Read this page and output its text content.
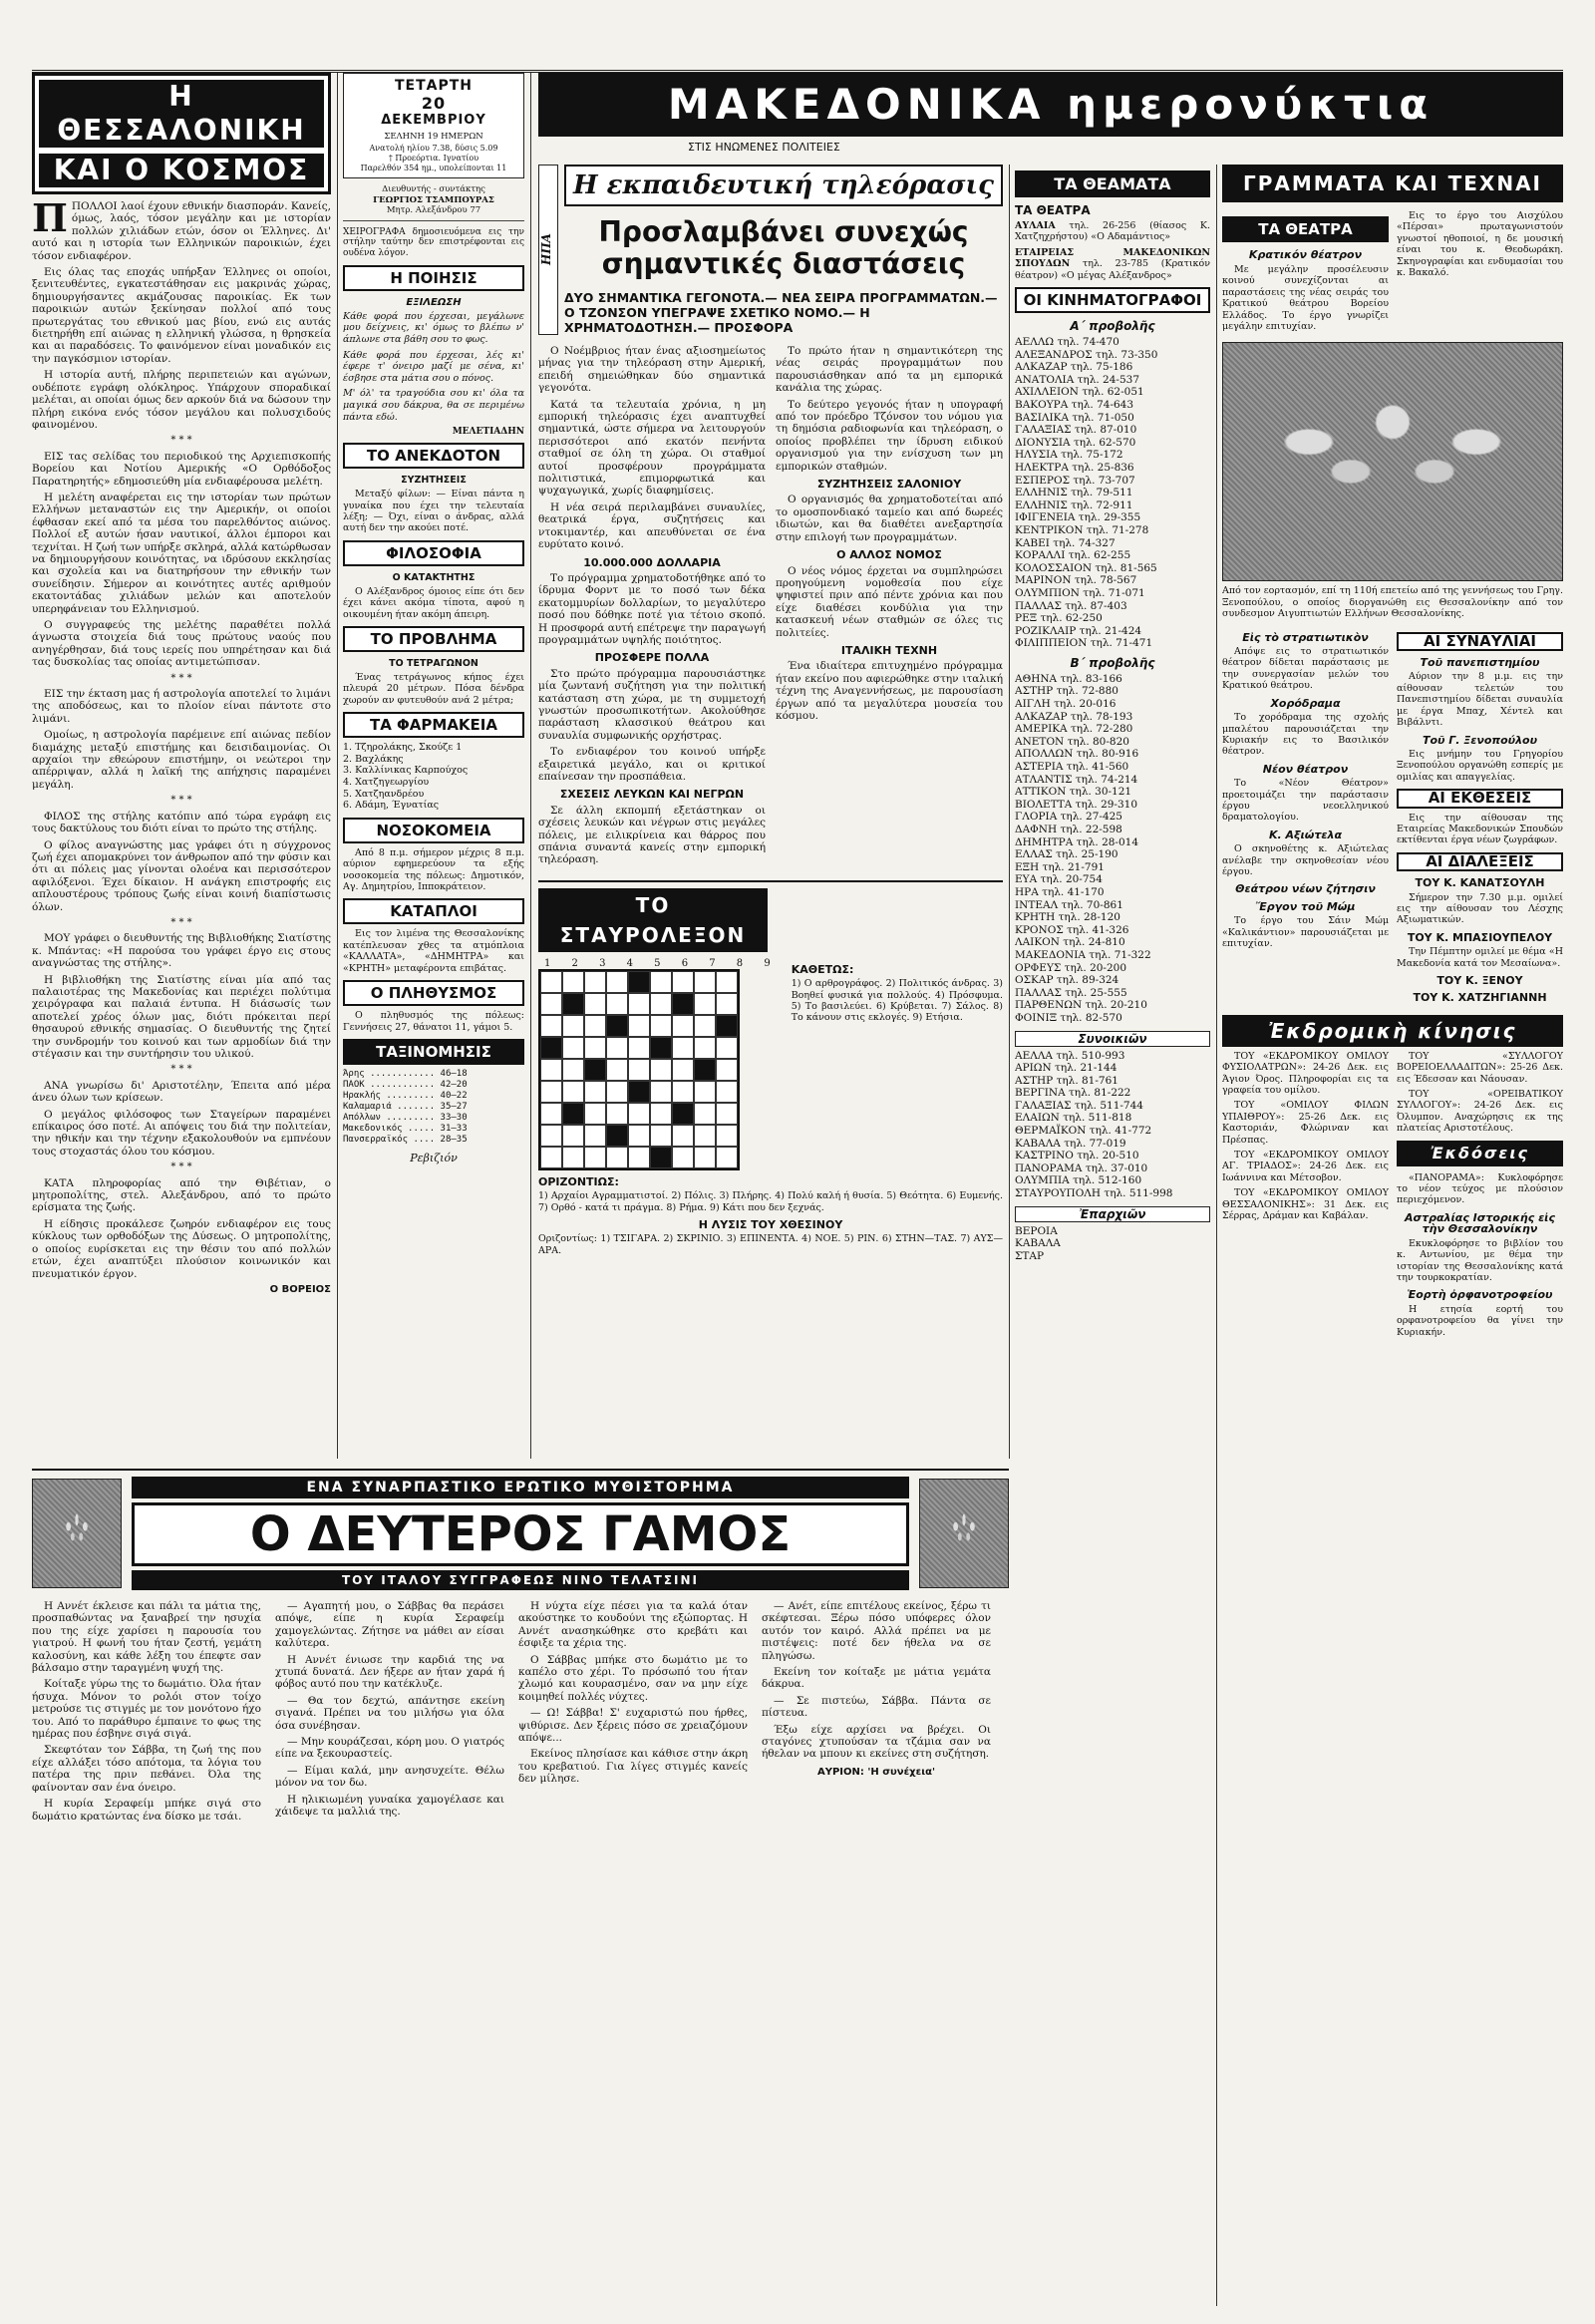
Η ΘΕΣΣΑΛΟΝΙΚΗ
ΚΑΙ Ο ΚΟΣΜΟΣ

ΠΠΟΛΛΟΙ λαοί έχουν εθνικήν διασποράν. Κανείς, όμως, λαός, τόσον μεγάλην και με ιστορίαν πολλών χιλιάδων ετών, όσον οι Έλληνες. Δι' αυτό και η ιστορία των Ελληνικών παροικιών, έχει τόσον ενδιαφέρον.

Εις όλας τας εποχάς υπήρξαν Έλληνες οι οποίοι, ξενιτευθέντες, εγκατεστάθησαν εις μακρινάς χώρας, δημιουργήσαντες ακμάζουσας παροικίας. Εκ των παροικιών αυτών ξεκίνησαν πολλοί από τους πρωτεργάτας του εθνικού μας βίου, ενώ εις αυτάς διετηρήθη επί αιώνας η ελληνική γλώσσα, η θρησκεία και αι παραδόσεις. Το φαινόμενον είναι μοναδικόν εις την παγκόσμιον ιστορίαν.

Η ιστορία αυτή, πλήρης περιπετειών και αγώνων, ουδέποτε εγράφη ολόκληρος. Υπάρχουν σποραδικαί μελέται, αι οποίαι όμως δεν αρκούν διά να δώσουν την πλήρη εικόνα ενός τόσον μεγάλου και πολυσχιδούς φαινομένου.

* * *

ΕΙΣ τας σελίδας του περιοδικού της Αρχιεπισκοπής Βορείου και Νοτίου Αμερικής «Ο Ορθόδοξος Παρατηρητής» εδημοσιεύθη μία ενδιαφέρουσα μελέτη.

Η μελέτη αναφέρεται εις την ιστορίαν των πρώτων Ελλήνων μεταναστών εις την Αμερικήν, οι οποίοι έφθασαν εκεί από τα μέσα του παρελθόντος αιώνος. Πολλοί εξ αυτών ήσαν ναυτικοί, άλλοι έμποροι και τεχνίται. Η ζωή των υπήρξε σκληρά, αλλά κατώρθωσαν να δημιουργήσουν κοινότητας, να ιδρύσουν εκκλησίας και σχολεία και να διατηρήσουν την εθνικήν των συνείδησιν. Σήμερον αι κοινότητες αυτές αριθμούν εκατοντάδας χιλιάδων μελών και αποτελούν υπερηφάνειαν του Ελληνισμού.

Ο συγγραφεύς της μελέτης παραθέτει πολλά άγνωστα στοιχεία διά τους πρώτους ναούς που ανηγέρθησαν, διά τους ιερείς που υπηρέτησαν και διά τας δυσκολίας τας οποίας αντιμετώπισαν.

* * *

ΕΙΣ την έκταση μας ή αστρολογία αποτελεί το λιμάνι της αποδόσεως, και το πλοίον είναι πάντοτε στο λιμάνι.

Ομοίως, η αστρολογία παρέμεινε επί αιώνας πεδίον διαμάχης μεταξύ επιστήμης και δεισιδαιμονίας. Οι αρχαίοι την εθεώρουν επιστήμην, οι νεώτεροι την απέρριψαν, αλλά η λαϊκή της απήχησις παραμένει μεγάλη.

* * *

ΦΙΛΟΣ της στήλης κατόπιν από τώρα εγράφη εις τους δακτύλους του διότι είναι το πρώτο της στήλης.

Ο φίλος αναγνώστης μας γράφει ότι η σύγχρονος ζωή έχει απομακρύνει τον άνθρωπον από την φύσιν και ότι αι πόλεις μας γίνονται ολοένα και περισσότερον αφιλόξενοι. Έχει δίκαιον. Η ανάγκη επιστροφής εις απλουστέρους τρόπους ζωής είναι κοινή διαπίστωσις όλων.

* * *

ΜΟΥ γράφει ο διευθυντής της Βιβλιοθήκης Σιατίστης κ. Μπάντας: «Η παρούσα του γράφει έργο εις στους αναγνώστας της στήλης».

Η βιβλιοθήκη της Σιατίστης είναι μία από τας παλαιοτέρας της Μακεδονίας και περιέχει πολύτιμα χειρόγραφα και παλαιά έντυπα. Η διάσωσίς των αποτελεί χρέος όλων μας, διότι πρόκειται περί θησαυρού εθνικής σημασίας. Ο διευθυντής της ζητεί την συνδρομήν του κοινού και των αρμοδίων διά την στέγασιν και την συντήρησιν του υλικού.

* * *

ΑΝΑ γνωρίσω δι' Αριστοτέλην, Έπειτα από μέρα άνευ όλων των κρίσεων.

Ο μεγάλος φιλόσοφος των Σταγείρων παραμένει επίκαιρος όσο ποτέ. Αι απόψεις του διά την πολιτείαν, την ηθικήν και την τέχνην εξακολουθούν να εμπνέουν τους στοχαστάς όλου του κόσμου.

* * *

ΚΑΤΑ πληροφορίας από την Θιβέτιαν, ο μητροπολίτης, στελ. Αλεξάνδρου, από το πρώτο ερίσματα της ζωής.

Η είδησις προκάλεσε ζωηρόν ενδιαφέρον εις τους κύκλους των ορθοδόξων της Δύσεως. Ο μητροπολίτης, ο οποίος ευρίσκεται εις την θέσιν του από πολλών ετών, έχει αναπτύξει πλούσιον κοινωνικόν και πνευματικόν έργον.

Ο ΒΟΡΕΙΟΣ
ΤΕΤΑΡΤΗ
20
ΔΕΚΕΜΒΡΙΟΥ
ΣΕΛΗΝΗ 19 ΗΜΕΡΩΝ
Ανατολή ηλίου 7.38, δύσις 5.09
† Προεόρτια. Ιγνατίου
Παρελθόν 354 ημ., υπολείπονται 11
Διευθυντής - συντάκτης
ΓΕΩΡΓΙΟΣ ΤΣΑΜΠΟΥΡΑΣ
Μητρ. Αλεξάνδρου 77

ΧΕΙΡΟΓΡΑΦΑ δημοσιευόμενα εις την στήλην ταύτην δεν επιστρέφονται εις ουδένα λόγον.

Η ΠΟΙΗΣΙΣ
ΕΞΙΛΕΩΣΗ

Κάθε φορά που έρχεσαι, μεγάλωνε μου δείχνεις, κι' όμως το βλέπω ν' άπλωνε στα βάθη σου το φως.

Κάθε φορά που έρχεσαι, λές κι' έφερε τ' όνειρο μαζί με σένα, κι' έσβησε στα μάτια σου ο πόνος.

Μ' όλ' τα τραγούδια σου κι' όλα τα μαγικά σου δάκρυα, θα σε περιμένω πάντα εδώ.

ΜΕΛΕΤΙΑΔΗΝ
ΤΟ ΑΝΕΚΔΟΤΟΝ
ΣΥΖΗΤΗΣΕΙΣ

Μεταξύ φίλων: — Είναι πάντα η γυναίκα που έχει την τελευταία λέξη; — Όχι, είναι ο άνδρας, αλλά αυτή δεν την ακούει ποτέ.

ΦΙΛΟΣΟΦΙΑ
Ο ΚΑΤΑΚΤΗΤΗΣ

Ο Αλέξανδρος όμοιος είπε ότι δεν έχει κάνει ακόμα τίποτα, αφού η οικουμένη ήταν ακόμη άπειρη.

ΤΟ ΠΡΟΒΛΗΜΑ
ΤΟ ΤΕΤΡΑΓΩΝΟΝ

Ένας τετράγωνος κήπος έχει πλευρά 20 μέτρων. Πόσα δένδρα χωρούν αν φυτευθούν ανά 2 μέτρα;

ΤΑ ΦΑΡΜΑΚΕΙΑ
1. Τζηρολάκης, Σκούζε 1
2. Βαχλάκης
3. Καλλίνικας Καρπούχος
4. Χατζηγεωργίου
5. Χατζηανδρέου
6. Αδάμη, Έγνατίας
ΝΟΣΟΚΟΜΕΙΑ

Από 8 π.μ. σήμερον μέχρις 8 π.μ. αύριον εφημερεύουν τα εξής νοσοκομεία της πόλεως: Δημοτικόν, Αγ. Δημητρίου, Ιπποκράτειον.

ΚΑΤΑΠΛΟΙ

Εις τον λιμένα της Θεσσαλονίκης κατέπλευσαν χθες τα ατμόπλοια «ΚΑΛΛΑΤΑ», «ΔΗΜΗΤΡΑ» και «ΚΡΗΤΗ» μεταφέροντα επιβάτας.

Ο ΠΛΗΘΥΣΜΟΣ

Ο πληθυσμός της πόλεως: Γεννήσεις 27, θάνατοι 11, γάμοι 5.

ΤΑΞΙΝΟΜΗΣΙΣ
Άρης ............ 46—18
ΠΑΟΚ ............ 42—20
Ηρακλής ......... 40—22
Καλαμαριά ....... 35—27
Απόλλων ......... 33—30
Μακεδονικός ..... 31—33
Πανσερραϊκός .... 28—35
Ρεβιζιόν
ΜΑΚΕΔΟΝΙΚΑ ημερονύκτια
ΣΤΙΣ ΗΝΩΜΕΝΕΣ ΠΟΛΙΤΕΙΕΣ
ΗΠΑ
Η εκπαιδευτική τηλεόρασις
Προσλαμβάνει συνεχώς σημαντικές διαστάσεις
ΔΥΟ ΣΗΜΑΝΤΙΚΑ ΓΕΓΟΝΟΤΑ.— ΝΕΑ ΣΕΙΡΑ ΠΡΟΓΡΑΜΜΑΤΩΝ.— Ο ΤΖΟΝΣΟΝ ΥΠΕΓΡΑΨΕ ΣΧΕΤΙΚΟ ΝΟΜΟ.— Η ΧΡΗΜΑΤΟΔΟΤΗΣΗ.— ΠΡΟΣΦΟΡΑ

Ο Νοέμβριος ήταν ένας αξιοσημείωτος μήνας για την τηλεόραση στην Αμερική, επειδή σημειώθηκαν δύο σημαντικά γεγονότα.

Κατά τα τελευταία χρόνια, η μη εμπορική τηλεόρασις έχει αναπτυχθεί σημαντικά, ώστε σήμερα να λειτουργούν περισσότεροι από εκατόν πενήντα σταθμοί σε όλη τη χώρα. Οι σταθμοί αυτοί προσφέρουν προγράμματα πολιτιστικά, επιμορφωτικά και ψυχαγωγικά, χωρίς διαφημίσεις.

Η νέα σειρά περιλαμβάνει συναυλίες, θεατρικά έργα, συζητήσεις και ντοκιμαντέρ, και απευθύνεται σε ένα ευρύτατο κοινό.

10.000.000 ΔΟΛΛΑΡΙΑ

Το πρόγραμμα χρηματοδοτήθηκε από το ίδρυμα Φορντ με το ποσό των δέκα εκατομμυρίων δολλαρίων, το μεγαλύτερο ποσό που δόθηκε ποτέ για τέτοιο σκοπό. Η προσφορά αυτή επέτρεψε την παραγωγή προγραμμάτων υψηλής ποιότητος.

ΠΡΟΣΦΕΡΕ ΠΟΛΛΑ

Στο πρώτο πρόγραμμα παρουσιάστηκε μία ζωντανή συζήτηση για την πολιτική κατάσταση στη χώρα, με τη συμμετοχή γνωστών προσωπικοτήτων. Ακολούθησε παράσταση κλασσικού θεάτρου και συναυλία συμφωνικής ορχήστρας.

Το ενδιαφέρον του κοινού υπήρξε εξαιρετικά μεγάλο, και οι κριτικοί επαίνεσαν την προσπάθεια.

ΣΧΕΣΕΙΣ ΛΕΥΚΩΝ ΚΑΙ ΝΕΓΡΩΝ

Σε άλλη εκπομπή εξετάστηκαν οι σχέσεις λευκών και νέγρων στις μεγάλες πόλεις, με ειλικρίνεια και θάρρος που σπάνια συναντά κανείς στην εμπορική τηλεόραση.

Το πρώτο ήταν η σημαντικότερη της νέας σειράς προγραμμάτων που παρουσιάσθηκαν από τα μη εμπορικά κανάλια της χώρας.

Το δεύτερο γεγονός ήταν η υπογραφή από τον πρόεδρο Τζόνσον του νόμου για τη δημόσια ραδιοφωνία και τηλεόραση, ο οποίος προβλέπει την ίδρυση ειδικού οργανισμού για την ενίσχυση των μη εμπορικών σταθμών.

ΣΥΖΗΤΗΣΕΙΣ ΣΑΛΟΝΙΟΥ

Ο οργανισμός θα χρηματοδοτείται από το ομοσπονδιακό ταμείο και από δωρεές ιδιωτών, και θα διαθέτει ανεξαρτησία στην επιλογή των προγραμμάτων.

Ο ΑΛΛΟΣ ΝΟΜΟΣ

Ο νέος νόμος έρχεται να συμπληρώσει προηγούμενη νομοθεσία που είχε ψηφιστεί πριν από πέντε χρόνια και που είχε διαθέσει κονδύλια για την κατασκευή νέων σταθμών σε όλες τις πολιτείες.

ΙΤΑΛΙΚΗ ΤΕΧΝΗ

Ένα ιδιαίτερα επιτυχημένο πρόγραμμα ήταν εκείνο που αφιερώθηκε στην ιταλική τέχνη της Αναγεννήσεως, με παρουσίαση έργων από τα μεγαλύτερα μουσεία του κόσμου.

ΤΟ ΣΤΑΥΡΟΛΕΞΟΝ
1 2 3 4 5 6 7 8 9 ΚΑΘΕΤΩΣ:

1) Ο αρθρογράφος. 2) Πολιτικός άνδρας. 3) Βοηθεί φυσικά για πολλούς. 4) Πρόσφυμα. 5) Το βασιλεύει. 6) Κρύβεται. 7) Σάλος. 8) Το κάνουν στις εκλογές. 9) Ετήσια.

ΟΡΙΖΟΝΤΙΩΣ:

1) Αρχαίοι Αγραμματιστοί. 2) Πόλις. 3) Πλήρης. 4) Πολύ καλή ή θυσία. 5) Θεότητα. 6) Ευμενής. 7) Ορθό - κατά τι πράγμα. 8) Ρήμα. 9) Κάτι που δεν ξεχνάς.

Η ΛΥΣΙΣ ΤΟΥ ΧΘΕΣΙΝΟΥ

Οριζοντίως: 1) ΤΣΙΓΑΡΑ. 2) ΣΚΡΙΝΙΟ. 3) ΕΠΙΝΕΝΤΑ. 4) ΝΟΕ. 5) ΡΙΝ. 6) ΣΤΗΝ—ΤΑΣ. 7) ΑΥΣ—ΑΡΑ.

ΤΑ ΘΕΑΜΑΤΑ
ΤΑ ΘΕΑΤΡΑ

ΑΥΛΑΙΑ τηλ. 26-256 (θίασος Κ. Χατζηχρήστου) «Ο Αδαμάντιος»

ΕΤΑΙΡΕΙΑΣ ΜΑΚΕΔΟΝΙΚΩΝ ΣΠΟΥΔΩΝ τηλ. 23-785 (Κρατικόν θέατρον) «Ο μέγας Αλέξανδρος»

ΟΙ ΚΙΝΗΜΑΤΟΓΡΑΦΟΙ
Α΄ προβολῆς
ΑΕΛΛΩ τηλ. 74-470
ΑΛΕΞΑΝΔΡΟΣ τηλ. 73-350
ΑΛΚΑΖΑΡ τηλ. 75-186
ΑΝΑΤΟΛΙΑ τηλ. 24-537
ΑΧΙΛΛΕΙΟΝ τηλ. 62-051
ΒΑΚΟΥΡΑ τηλ. 74-643
ΒΑΣΙΛΙΚΑ τηλ. 71-050
ΓΑΛΑΞΙΑΣ τηλ. 87-010
ΔΙΟΝΥΣΙΑ τηλ. 62-570
ΗΛΥΣΙΑ τηλ. 75-172
ΗΛΕΚΤΡΑ τηλ. 25-836
ΕΣΠΕΡΟΣ τηλ. 73-707
ΕΛΛΗΝΙΣ τηλ. 79-511
ΕΛΛΗΝΙΣ τηλ. 72-911
ΙΦΙΓΕΝΕΙΑ τηλ. 29-355
ΚΕΝΤΡΙΚΟΝ τηλ. 71-278
ΚΑΒΕΙ τηλ. 74-327
ΚΟΡΑΛΛΙ τηλ. 62-255
ΚΟΛΟΣΣΑΙΟΝ τηλ. 81-565
ΜΑΡΙΝΟΝ τηλ. 78-567
ΟΛΥΜΠΙΟΝ τηλ. 71-071
ΠΑΛΛΑΣ τηλ. 87-403
ΡΕΞ τηλ. 62-250
ΡΟΖΙΚΛΑΙΡ τηλ. 21-424
ΦΙΛΙΠΠΕΙΟΝ τηλ. 71-471
Β΄ προβολῆς
ΑΘΗΝΑ τηλ. 83-166
ΑΣΤΗΡ τηλ. 72-880
ΑΙΓΛΗ τηλ. 20-016
ΑΛΚΑΖΑΡ τηλ. 78-193
ΑΜΕΡΙΚΑ τηλ. 72-280
ΑΝΕΤΟΝ τηλ. 80-820
ΑΠΟΛΛΩΝ τηλ. 80-916
ΑΣΤΕΡΙΑ τηλ. 41-560
ΑΤΛΑΝΤΙΣ τηλ. 74-214
ΑΤΤΙΚΟΝ τηλ. 30-121
ΒΙΟΛΕΤΤΑ τηλ. 29-310
ΓΛΟΡΙΑ τηλ. 27-425
ΔΑΦΝΗ τηλ. 22-598
ΔΗΜΗΤΡΑ τηλ. 28-014
ΕΛΛΑΣ τηλ. 25-190
ΕΞΗ τηλ. 21-791
ΕΥΑ τηλ. 20-754
ΗΡΑ τηλ. 41-170
ΙΝΤΕΑΛ τηλ. 70-861
ΚΡΗΤΗ τηλ. 28-120
ΚΡΟΝΟΣ τηλ. 41-326
ΛΑΙΚΟΝ τηλ. 24-810
ΜΑΚΕΔΟΝΙΑ τηλ. 71-322
ΟΡΦΕΥΣ τηλ. 20-200
ΟΣΚΑΡ τηλ. 89-324
ΠΑΛΛΑΣ τηλ. 25-555
ΠΑΡΘΕΝΩΝ τηλ. 20-210
ΦΟΙΝΙΞ τηλ. 82-570
Συνοικιῶν
ΑΕΛΛΑ τηλ. 510-993
ΑΡΙΩΝ τηλ. 21-144
ΑΣΤΗΡ τηλ. 81-761
ΒΕΡΓΙΝΑ τηλ. 81-222
ΓΑΛΑΞΙΑΣ τηλ. 511-744
ΕΛΑΙΩΝ τηλ. 511-818
ΘΕΡΜΑΪΚΟΝ τηλ. 41-772
ΚΑΒΑΛΑ τηλ. 77-019
ΚΑΣΤΡΙΝΟ τηλ. 20-510
ΠΑΝΟΡΑΜΑ τηλ. 37-010
ΟΛΥΜΠΙΑ τηλ. 512-160
ΣΤΑΥΡΟΥΠΟΛΗ τηλ. 511-998
Ἐπαρχιῶν
ΒΕΡΟΙΑ
ΚΑΒΑΛΑ
ΣΤΑΡ
ΓΡΑΜΜΑΤΑ ΚΑΙ ΤΕΧΝΑΙ
ΤΑ ΘΕΑΤΡΑ
Κρατικόν θέατρον

Με μεγάλην προσέλευσιν κοινού συνεχίζονται αι παραστάσεις της νέας σειράς του Κρατικού θεάτρου Βορείου Ελλάδος. Το έργο γνωρίζει μεγάλην επιτυχίαν.

Εις το έργο του Αισχύλου «Πέρσαι» πρωταγωνιστούν γνωστοί ηθοποιοί, η δε μουσική είναι του κ. Θεοδωράκη. Σκηνογραφίαι και ενδυμασίαι του κ. Βακαλό.

Από τον εορτασμόν, επί τη 110ή επετείω από της γεννήσεως του Γρηγ. Ξενοπούλου, ο οποίος διοργανώθη εις Θεσσαλονίκην από τον συνδεσμον Αιγυπτιωτών Ελλήνων Θεσσαλονίκης.
Εἰς τὸ στρατιωτικὸν

Απόψε εις το στρατιωτικόν θέατρον δίδεται παράστασις με την συνεργασίαν μελών του Κρατικού θεάτρου.

Χορόδραμα

Το χορόδραμα της σχολής μπαλέτου παρουσιάζεται την Κυριακήν εις το Βασιλικόν θέατρον.

Νέον θέατρον

Το «Νέον Θέατρον» προετοιμάζει την παράστασιν έργου νεοελληνικού δραματολογίου.

Κ. Αξιώτελα

Ο σκηνοθέτης κ. Αξιώτελας ανέλαβε την σκηνοθεσίαν νέου έργου.

Θεάτρου νέων ζήτησιν
Ἔργον τοῦ Μώμ

Το έργο του Σάιν Μώμ «Καλικάντιον» παρουσιάζεται με επιτυχίαν.

ΑΙ ΣΥΝΑΥΛΙΑΙ
Τοῦ πανεπιστημίου

Αύριον την 8 μ.μ. εις την αίθουσαν τελετών του Πανεπιστημίου δίδεται συναυλία με έργα Μπαχ, Χέντελ και Βιβάλντι.

Τοῦ Γ. Ξενοπούλου

Εις μνήμην του Γρηγορίου Ξενοπούλου οργανώθη εσπερίς με ομιλίας και απαγγελίας.

ΑΙ ΕΚΘΕΣΕΙΣ

Εις την αίθουσαν της Εταιρείας Μακεδονικών Σπουδών εκτίθενται έργα νέων ζωγράφων.

ΑΙ ΔΙΑΛΕΞΕΙΣ
ΤΟΥ Κ. ΚΑΝΑΤΣΟΥΛΗ

Σήμερον την 7.30 μ.μ. ομιλεί εις την αίθουσαν του Λέσχης Αξιωματικών.

ΤΟΥ Κ. ΜΠΑΣΙΟΥΠΕΛΟΥ

Την Πέμπτην ομιλεί με θέμα «Η Μακεδονία κατά τον Μεσαίωνα».

ΤΟΥ Κ. ΞΕΝΟΥ
ΤΟΥ Κ. ΧΑΤΖΗΓΙΑΝΝΗ
Ἐκδρομικὴ κίνησις

ΤΟΥ «ΕΚΔΡΟΜΙΚΟΥ ΟΜΙΛΟΥ ΦΥΣΙΟΛΑΤΡΩΝ»: 24-26 Δεκ. εις Άγιον Όρος. Πληροφορίαι εις τα γραφεία του ομίλου.

ΤΟΥ «ΟΜΙΛΟΥ ΦΙΛΩΝ ΥΠΑΙΘΡΟΥ»: 25-26 Δεκ. εις Καστοριάν, Φλώριναν και Πρέσπας.

ΤΟΥ «ΕΚΔΡΟΜΙΚΟΥ ΟΜΙΛΟΥ ΑΓ. ΤΡΙΑΔΟΣ»: 24-26 Δεκ. εις Ιωάννινα και Μέτσοβον.

ΤΟΥ «ΕΚΔΡΟΜΙΚΟΥ ΟΜΙΛΟΥ ΘΕΣΣΑΛΟΝΙΚΗΣ»: 31 Δεκ. εις Σέρρας, Δράμαν και Καβάλαν.

ΤΟΥ «ΣΥΛΛΟΓΟΥ ΒΟΡΕΙΟΕΛΛΑΔΙΤΩΝ»: 25-26 Δεκ. εις Έδεσσαν και Νάουσαν.

ΤΟΥ «ΟΡΕΙΒΑΤΙΚΟΥ ΣΥΛΛΟΓΟΥ»: 24-26 Δεκ. εις Όλυμπον. Αναχώρησις εκ της πλατείας Αριστοτέλους.

Ἐκδόσεις

«ΠΑΝΟΡΑΜΑ»: Κυκλοφόρησε το νέον τεύχος με πλούσιον περιεχόμενον.

Αστραλίας Ιστορικής εἰς τὴν Θεσσαλονίκην

Εκυκλοφόρησε το βιβλίον του κ. Αντωνίου, με θέμα την ιστορίαν της Θεσσαλονίκης κατά την τουρκοκρατίαν.

Ἑορτὴ ὀρφανοτροφείου

Η ετησία εορτή του ορφανοτροφείου θα γίνει την Κυριακήν.

ΕΝΑ ΣΥΝΑΡΠΑΣΤΙΚΟ ΕΡΩΤΙΚΟ ΜΥΘΙΣΤΟΡΗΜΑ
Ο ΔΕΥΤΕΡΟΣ ΓΑΜΟΣ
ΤΟΥ ΙΤΑΛΟΥ ΣΥΓΓΡΑΦΕΩΣ ΝΙΝΟ ΤΕΛΑΤΣΙΝΙ

Η Αννέτ έκλεισε και πάλι τα μάτια της, προσπαθώντας να ξαναβρεί την ησυχία που της είχε χαρίσει η παρουσία του γιατρού. Η φωνή του ήταν ζεστή, γεμάτη καλοσύνη, και κάθε λέξη του έπεφτε σαν βάλσαμο στην ταραγμένη ψυχή της.

Κοίταξε γύρω της το δωμάτιο. Όλα ήταν ήσυχα. Μόνον το ρολόι στον τοίχο μετρούσε τις στιγμές με τον μονότονο ήχο του. Από το παράθυρο έμπαινε το φως της ημέρας που έσβηνε σιγά σιγά.

Σκεφτόταν τον Σάββα, τη ζωή της που είχε αλλάξει τόσο απότομα, τα λόγια του πατέρα της πριν πεθάνει. Όλα της φαίνονταν σαν ένα όνειρο.

Η κυρία Σεραφείμ μπήκε σιγά στο δωμάτιο κρατώντας ένα δίσκο με τσάι.

— Αγαπητή μου, ο Σάββας θα περάσει απόψε, είπε η κυρία Σεραφείμ χαμογελώντας. Ζήτησε να μάθει αν είσαι καλύτερα.

Η Αννέτ ένιωσε την καρδιά της να χτυπά δυνατά. Δεν ήξερε αν ήταν χαρά ή φόβος αυτό που την κατέκλυζε.

— Θα τον δεχτώ, απάντησε εκείνη σιγανά. Πρέπει να του μιλήσω για όλα όσα συνέβησαν.

— Μην κουράζεσαι, κόρη μου. Ο γιατρός είπε να ξεκουραστείς.

— Είμαι καλά, μην ανησυχείτε. Θέλω μόνον να τον δω.

Η ηλικιωμένη γυναίκα χαμογέλασε και χάιδεψε τα μαλλιά της.

Η νύχτα είχε πέσει για τα καλά όταν ακούστηκε το κουδούνι της εξώπορτας. Η Αννέτ ανασηκώθηκε στο κρεβάτι και έσφιξε τα χέρια της.

Ο Σάββας μπήκε στο δωμάτιο με το καπέλο στο χέρι. Το πρόσωπό του ήταν χλωμό και κουρασμένο, σαν να μην είχε κοιμηθεί πολλές νύχτες.

— Ω! Σάββα! Σ' ευχαριστώ που ήρθες, ψιθύρισε. Δεν ξέρεις πόσο σε χρειαζόμουν απόψε...

Εκείνος πλησίασε και κάθισε στην άκρη του κρεβατιού. Για λίγες στιγμές κανείς δεν μίλησε.

— Ανέτ, είπε επιτέλους εκείνος, ξέρω τι σκέφτεσαι. Ξέρω πόσο υπόφερες όλον αυτόν τον καιρό. Αλλά πρέπει να με πιστέψεις: ποτέ δεν ήθελα να σε πληγώσω.

Εκείνη τον κοίταξε με μάτια γεμάτα δάκρυα.

— Σε πιστεύω, Σάββα. Πάντα σε πίστευα.

Έξω είχε αρχίσει να βρέχει. Οι σταγόνες χτυπούσαν τα τζάμια σαν να ήθελαν να μπουν κι εκείνες στη συζήτηση.

ΑΥΡΙΟΝ: 'Η συνέχεια'
